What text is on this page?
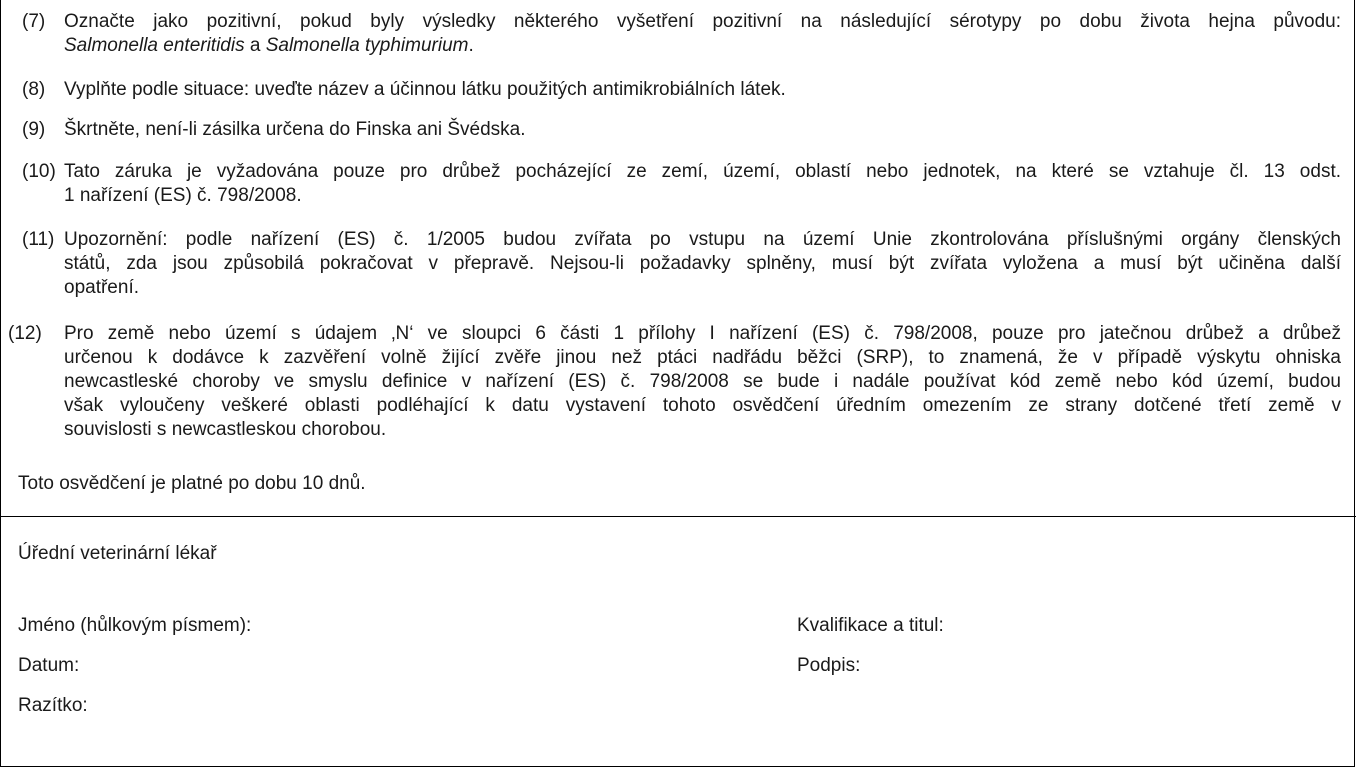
(7) Označte jako pozitivní, pokud byly výsledky některého vyšetření pozitivní na následující sérotypy po dobu života hejna původu:
Salmonella enteritidis a Salmonella typhimurium.
(8) Vyplňte podle situace: uveďte název a účinnou látku použitých antimikrobiálních látek.
(9) Škrtněte, není-li zásilka určena do Finska ani Švédska.
(10) Tato záruka je vyžadována pouze pro drůbež pocházející ze zemí, území, oblastí nebo jednotek, na které se vztahuje čl. 13 odst.
1 nařízení (ES) č. 798/2008.
(11) Upozornění: podle nařízení (ES) č. 1/2005 budou zvířata po vstupu na území Unie zkontrolována příslušnými orgány členských
států, zda jsou způsobilá pokračovat v přepravě. Nejsou-li požadavky splněny, musí být zvířata vyložena a musí být učiněna další
opatření.
(12) Pro země nebo území s údajem ‚N‘ ve sloupci 6 části 1 přílohy I nařízení (ES) č. 798/2008, pouze pro jatečnou drůbež a drůbež
určenou k dodávce k zazvěření volně žijící zvěře jinou než ptáci nadřádu běžci (SRP), to znamená, že v případě výskytu ohniska
newcastleské choroby ve smyslu definice v nařízení (ES) č. 798/2008 se bude i nadále používat kód země nebo kód území, budou
však vyloučeny veškeré oblasti podléhající k datu vystavení tohoto osvědčení úředním omezením ze strany dotčené třetí země v
souvislosti s newcastleskou chorobou.
Toto osvědčení je platné po dobu 10 dnů.
Úřední veterinární lékař
Jméno (hůlkovým písmem):	Kvalifikace a titul:
Datum:	Podpis:
Razítko:
